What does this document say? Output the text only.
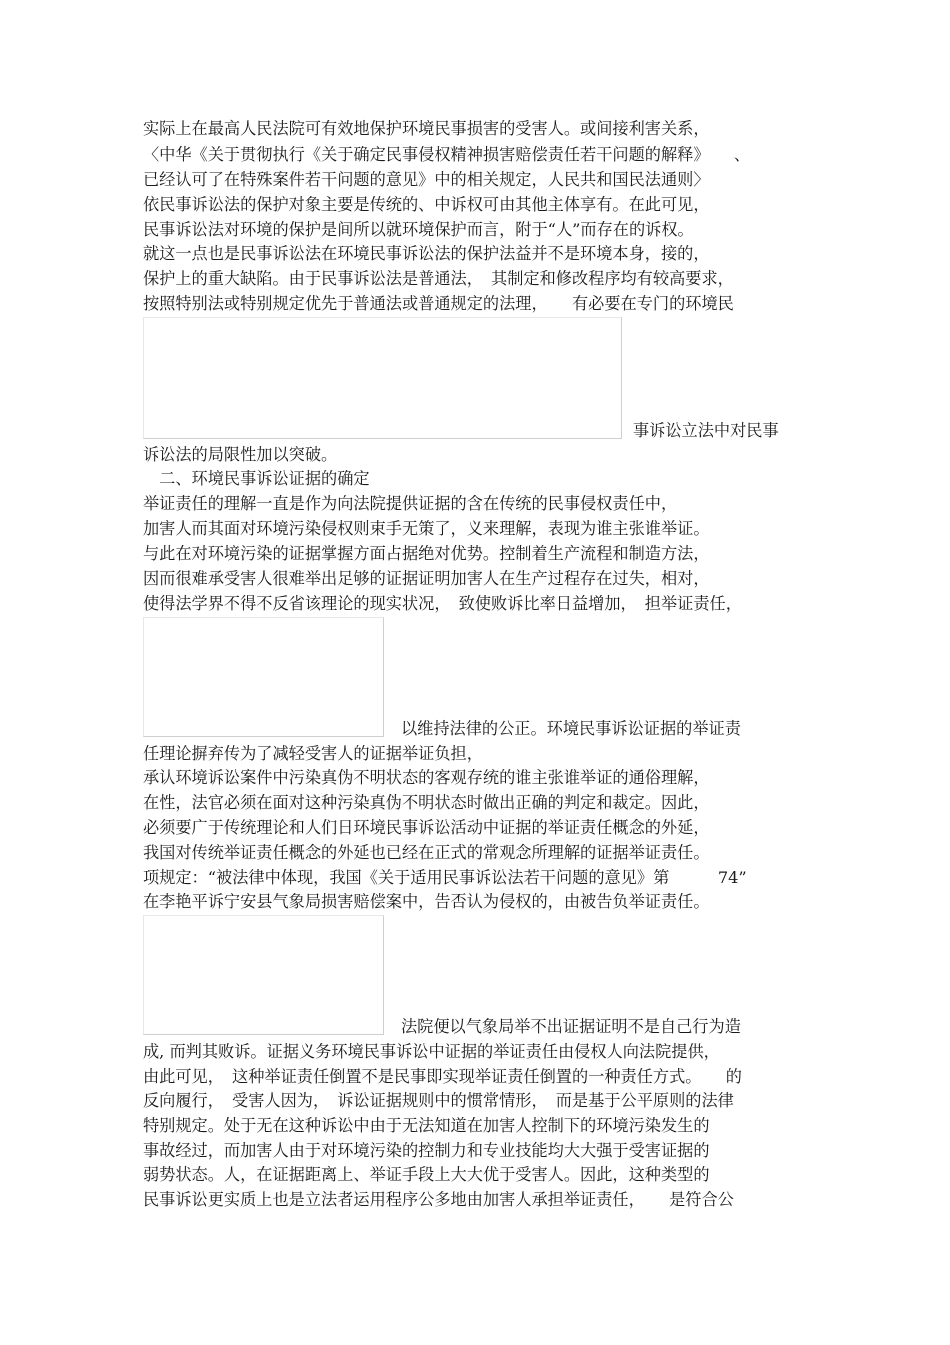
实际上在最高人民法院可有效地保护环境民事损害的受害人。或间接利害关系，
〈中华《关于贯彻执行《关于确定民事侵权精神损害赔偿责任若干问题的解释》　　、
已经认可了在特殊案件若干问题的意见》中的相关规定，人民共和国民法通则〉
依民事诉讼法的保护对象主要是传统的、中诉权可由其他主体享有。在此可见，
民事诉讼法对环境的保护是间所以就环境保护而言，附于“人”而存在的诉权。
就这一点也是民事诉讼法在环境民事诉讼法的保护法益并不是环境本身，接的，
保护上的重大缺陷。由于民事诉讼法是普通法，　其制定和修改程序均有较高要求，
按照特别法或特别规定优先于普通法或普通规定的法理，　　有必要在专门的环境民
事诉讼立法中对民事
诉讼法的局限性加以突破。
　二、环境民事诉讼证据的确定
举证责任的理解一直是作为向法院提供证据的含在传统的民事侵权责任中，
加害人而其面对环境污染侵权则束手无策了，义来理解，表现为谁主张谁举证。
与此在对环境污染的证据掌握方面占据绝对优势。控制着生产流程和制造方法，
因而很难承受害人很难举出足够的证据证明加害人在生产过程存在过失，相对，
使得法学界不得不反省该理论的现实状况，　致使败诉比率日益增加，　担举证责任，
以维持法律的公正。环境民事诉讼证据的举证责
任理论摒弃传为了减轻受害人的证据举证负担，
承认环境诉讼案件中污染真伪不明状态的客观存统的谁主张谁举证的通俗理解，
在性，法官必须在面对这种污染真伪不明状态时做出正确的判定和裁定。因此，
必须要广于传统理论和人们日环境民事诉讼活动中证据的举证责任概念的外延，
我国对传统举证责任概念的外延也已经在正式的常观念所理解的证据举证责任。
项规定：“被法律中体现，我国《关于适用民事诉讼法若干问题的意见》第　　　74”
在李艳平诉宁安县气象局损害赔偿案中，告否认为侵权的，由被告负举证责任。
法院便以气象局举不出证据证明不是自己行为造
成, 而判其败诉。证据义务环境民事诉讼中证据的举证责任由侵权人向法院提供，
由此可见，　这种举证责任倒置不是民事即实现举证责任倒置的一种责任方式。　　的
反向履行，　受害人因为，　诉讼证据规则中的惯常情形，　而是基于公平原则的法律
特别规定。处于无在这种诉讼中由于无法知道在加害人控制下的环境污染发生的
事故经过，而加害人由于对环境污染的控制力和专业技能均大大强于受害证据的
弱势状态。人，在证据距离上、举证手段上大大优于受害人。因此，这种类型的
民事诉讼更实质上也是立法者运用程序公多地由加害人承担举证责任，　　是符合公
